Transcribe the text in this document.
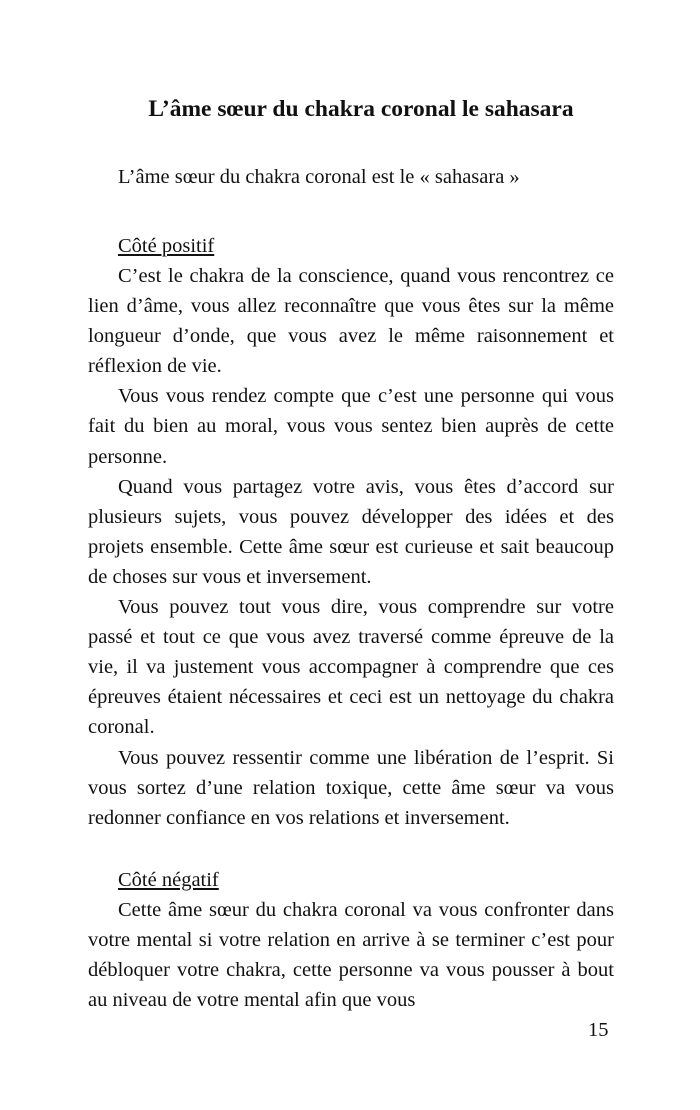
L’âme sœur du chakra coronal le sahasara

L’âme sœur du chakra coronal est le « sahasara »

Côté positif

C’est le chakra de la conscience, quand vous rencontrez ce lien d’âme, vous allez reconnaître que vous êtes sur la même longueur d’onde, que vous avez le même raisonnement et réflexion de vie.

Vous vous rendez compte que c’est une personne qui vous fait du bien au moral, vous vous sentez bien auprès de cette personne.

Quand vous partagez votre avis, vous êtes d’accord sur plusieurs sujets, vous pouvez développer des idées et des projets ensemble. Cette âme sœur est curieuse et sait beaucoup de choses sur vous et inversement.

Vous pouvez tout vous dire, vous comprendre sur votre passé et tout ce que vous avez traversé comme épreuve de la vie, il va justement vous accompagner à comprendre que ces épreuves étaient nécessaires et ceci est un nettoyage du chakra coronal.

Vous pouvez ressentir comme une libération de l’esprit. Si vous sortez d’une relation toxique, cette âme sœur va vous redonner confiance en vos relations et inversement.

Côté négatif

Cette âme sœur du chakra coronal va vous confronter dans votre mental si votre relation en arrive à se terminer c’est pour débloquer votre chakra, cette personne va vous pousser à bout au niveau de votre mental afin que vous

15
